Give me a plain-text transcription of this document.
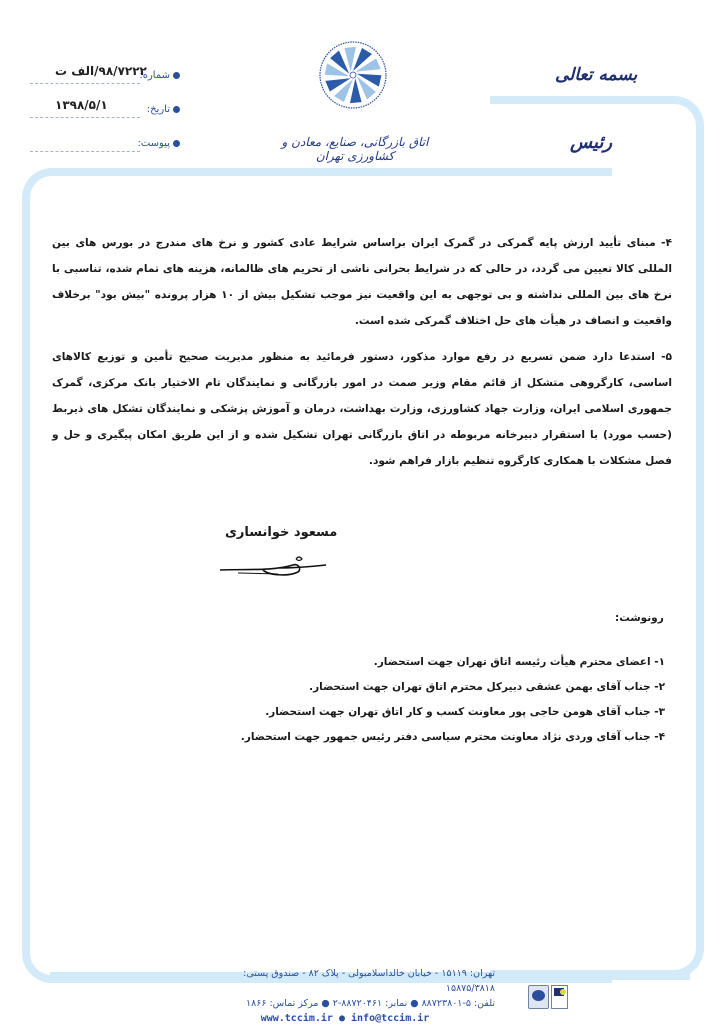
شماره:
۹۸/۷۲۲۲/الف ت
تاریخ:
۱۳۹۸/۵/۱
پیوست:	اتاق بازرگانی، صنایع، معادن و کشاورزی تهران
بسمه تعالی
رئیس
۴- مبنای تأیید ارزش پایه گمرکی در گمرک ایران براساس شرایط عادی کشور و نرخ های مندرج در بورس های بین المللی کالا تعیین می گردد، در حالی که در شرایط بحرانی ناشی از تحریم های ظالمانه، هزینه های تمام شده، تناسبی با نرخ های بین المللی نداشته و بی توجهی به این واقعیت نیز موجب تشکیل بیش از ۱۰ هزار پرونده "بیش بود" برخلاف واقعیت و انصاف در هیأت های حل اختلاف گمرکی شده است.
۵- استدعا دارد ضمن تسریع در رفع موارد مذکور، دستور فرمائید به منظور مدیریت صحیح تأمین و توزیع کالاهای اساسی، کارگروهی متشکل از قائم مقام وزیر صمت در امور بازرگانی و نمایندگان تام الاختیار بانک مرکزی، گمرک جمهوری اسلامی ایران، وزارت جهاد کشاورزی، وزارت بهداشت، درمان و آموزش پزشکی و نمایندگان تشکل های ذیربط (حسب مورد) با استقرار دبیرخانه مربوطه در اتاق بازرگانی تهران تشکیل شده و از این طریق امکان پیگیری و حل و فصل مشکلات با همکاری کارگروه تنظیم بازار فراهم شود.
مسعود خوانساری
رونوشت:
۱- اعضای محترم هیأت رئیسه اتاق تهران جهت استحضار.
۲- جناب آقای بهمن عشقی دبیرکل محترم اتاق تهران جهت استحضار.
۳- جناب آقای هومن حاجی پور معاونت کسب و کار اتاق تهران جهت استحضار.
۴- جناب آقای وردی نژاد معاونت محترم سیاسی دفتر رئیس جمهور جهت استحضار.
تهران: ۱۵۱۱۹ - خیابان خالداسلامبولی - پلاک ۸۲ - صندوق پستی: ۱۵۸۷۵/۳۸۱۸
تلفن: ۵-۸۸۷۲۳۸۰۱ ● نمابر: ۸۸۷۲۰۴۶۱-۲ ● مرکز تماس: ۱۸۶۶
www.tccim.ir ● info@tccim.ir
